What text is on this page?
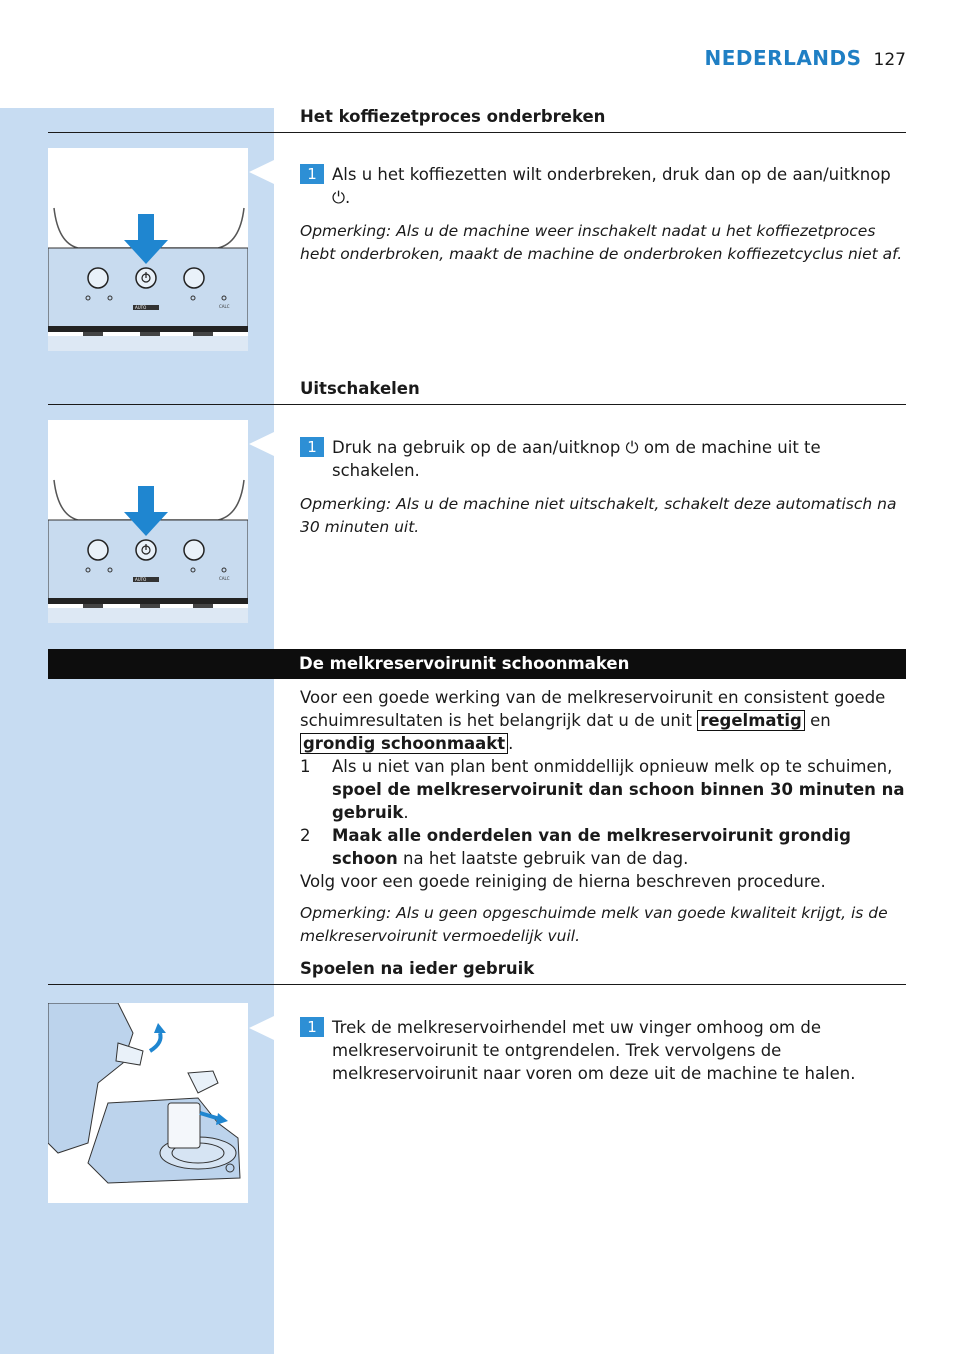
NEDERLANDS 127
Het koffiezetproces onderbreken
AUTO	CALC
1 Als u het koffiezetten wilt onderbreken, druk dan op de aan/uitknop ⏻.
Opmerking: Als u de machine weer inschakelt nadat u het koffiezetproces hebt onderbroken, maakt de machine de onderbroken koffiezetcyclus niet af.
Uitschakelen
AUTO	CALC
1 Druk na gebruik op de aan/uitknop ⏻ om de machine uit te schakelen.
Opmerking: Als u de machine niet uitschakelt, schakelt deze automatisch na 30 minuten uit.
De melkreservoirunit schoonmaken
Voor een goede werking van de melkreservoirunit en consistent goede schuimresultaten is het belangrijk dat u de unit regelmatig en grondig schoonmaakt .
1 Als u niet van plan bent onmiddellijk opnieuw melk op te schuimen, spoel de melkreservoirunit dan schoon binnen 30 minuten na gebruik.
2 Maak alle onderdelen van de melkreservoirunit grondig schoon na het laatste gebruik van de dag.
Volg voor een goede reiniging de hierna beschreven procedure.
Opmerking: Als u geen opgeschuimde melk van goede kwaliteit krijgt, is de melkreservoirunit vermoedelijk vuil.
Spoelen na ieder gebruik
1 Trek de melkreservoirhendel met uw vinger omhoog om de melkreservoirunit te ontgrendelen. Trek vervolgens de melkreservoirunit naar voren om deze uit de machine te halen.
